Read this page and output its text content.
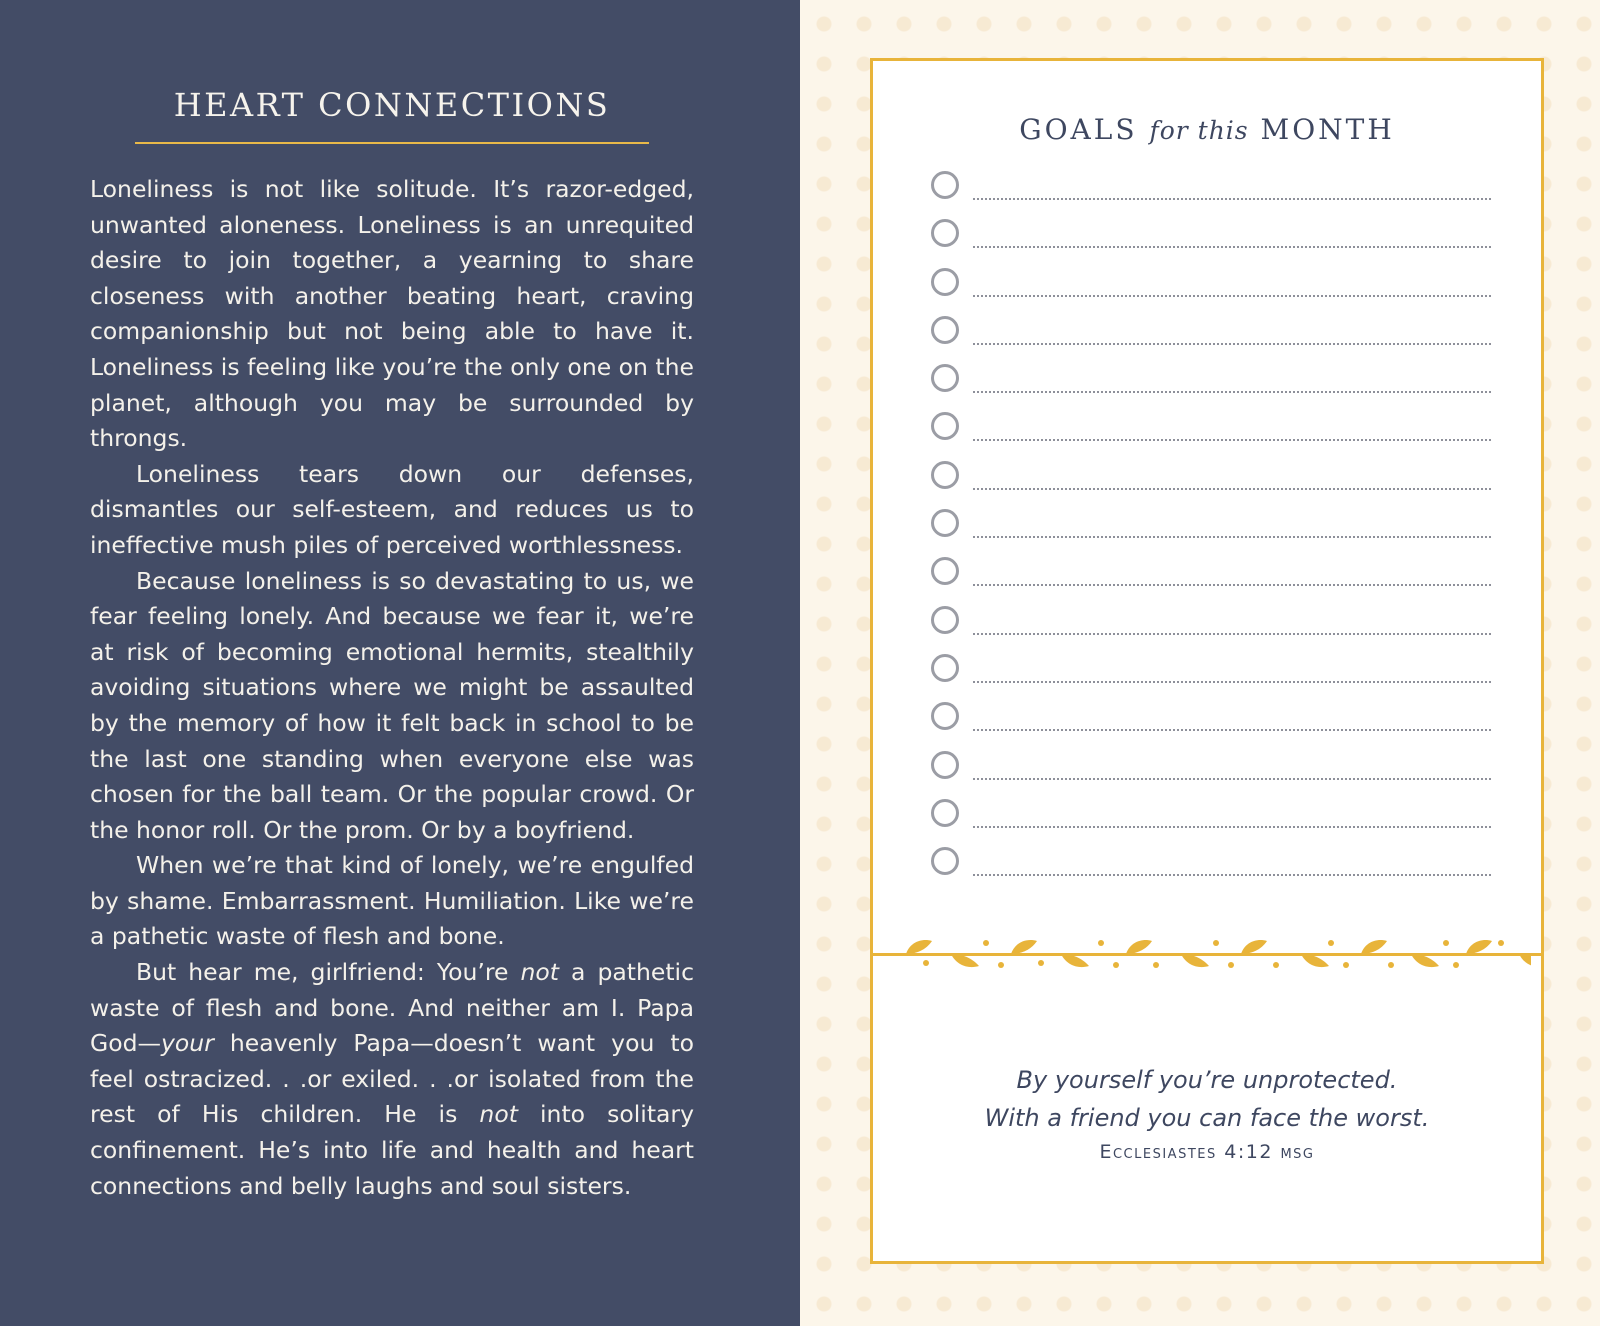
HEART CONNECTIONS

Loneliness is not like solitude. It’s razor-edged, unwanted aloneness. Loneliness is an unrequited desire to join together, a yearning to share closeness with another beating heart, craving companionship but not being able to have it. Loneliness is feeling like you’re the only one on the planet, although you may be surrounded by throngs.

Loneliness tears down our defenses, dismantles our self-esteem, and reduces us to ineffective mush piles of perceived worthlessness.

Because loneliness is so devastating to us, we fear feeling lonely. And because we fear it, we’re at risk of becoming emotional hermits, stealthily avoiding situations where we might be assaulted by the memory of how it felt back in school to be the last one standing when everyone else was chosen for the ball team. Or the popular crowd. Or the honor roll. Or the prom. Or by a boyfriend.

When we’re that kind of lonely, we’re engulfed by shame. Embarrassment. Humiliation. Like we’re a pathetic waste of flesh and bone.

But hear me, girlfriend: You’re not a pathetic waste of flesh and bone. And neither am I. Papa God—your heavenly Papa—doesn’t want you to feel ostracized. . .or exiled. . .or isolated from the rest of His children. He is not into solitary confinement. He’s into life and health and heart connections and belly laughs and soul sisters.

GOALS for this MONTH
By yourself you’re unprotected.
With a friend you can face the worst.
Ecclesiastes 4:12 msg
